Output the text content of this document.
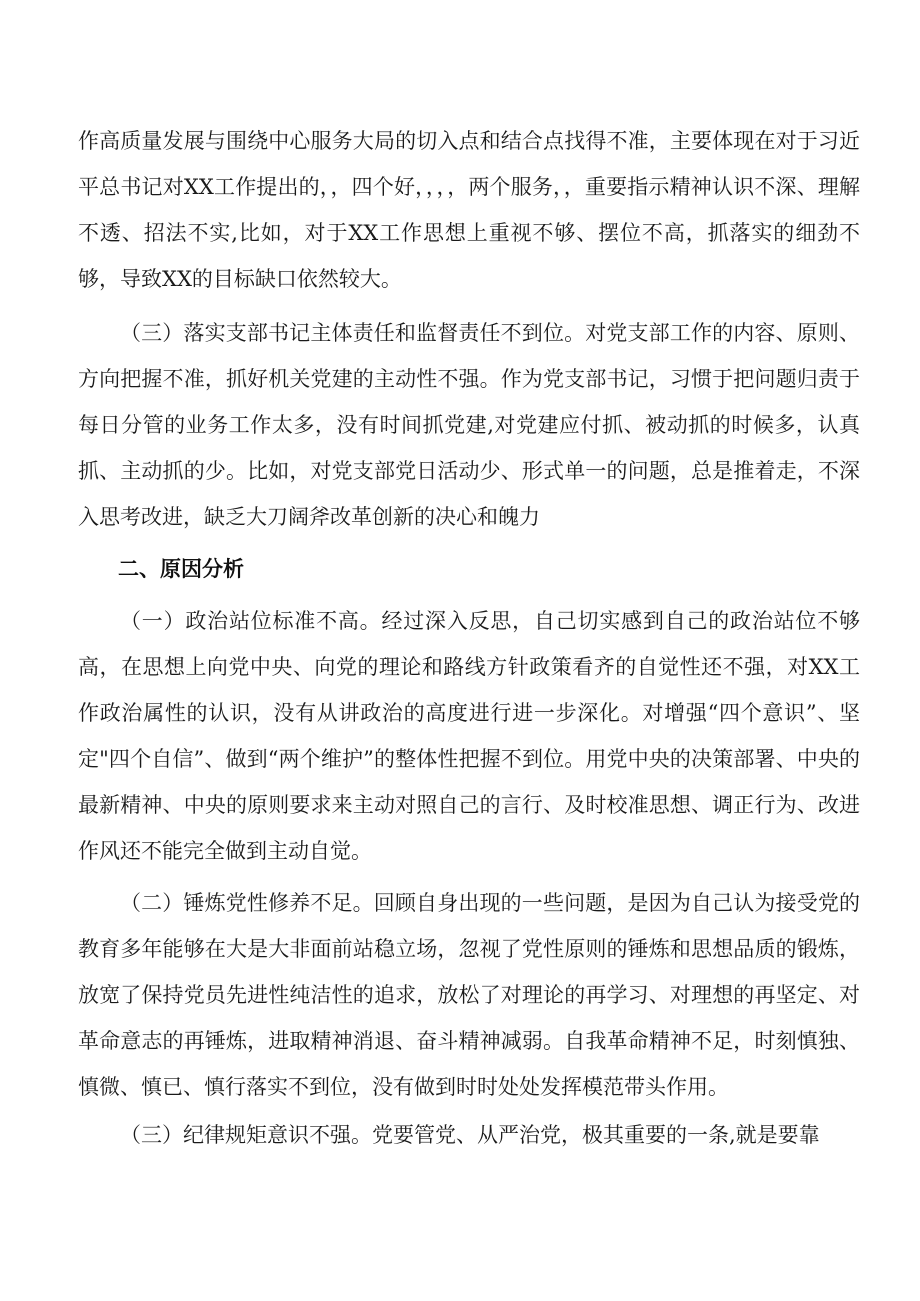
作高质量发展与围绕中心服务大局的切入点和结合点找得不准，主要体现在对于习近平总书记对XX工作提出的，，四个好，，，，两个服务，，重要指示精神认识不深、理解不透、招法不实,比如，对于XX工作思想上重视不够、摆位不高，抓落实的细劲不够，导致XX的目标缺口依然较大。

（三）落实支部书记主体责任和监督责任不到位。对党支部工作的内容、原则、方向把握不准，抓好机关党建的主动性不强。作为党支部书记，习惯于把问题归责于每日分管的业务工作太多，没有时间抓党建,对党建应付抓、被动抓的时候多，认真抓、主动抓的少。比如，对党支部党日活动少、形式单一的问题，总是推着走，不深入思考改进，缺乏大刀阔斧改革创新的决心和魄力

二、原因分析

（一）政治站位标准不高。经过深入反思，自己切实感到自己的政治站位不够高，在思想上向党中央、向党的理论和路线方针政策看齐的自觉性还不强，对XX工作政治属性的认识，没有从讲政治的高度进行进一步深化。对增强“四个意识”、坚定"四个自信”、做到“两个维护”的整体性把握不到位。用党中央的决策部署、中央的最新精神、中央的原则要求来主动对照自己的言行、及时校准思想、调正行为、改进作风还不能完全做到主动自觉。

（二）锤炼党性修养不足。回顾自身出现的一些问题，是因为自己认为接受党的教育多年能够在大是大非面前站稳立场，忽视了党性原则的锤炼和思想品质的锻炼，放宽了保持党员先进性纯洁性的追求，放松了对理论的再学习、对理想的再坚定、对革命意志的再锤炼，进取精神消退、奋斗精神减弱。自我革命精神不足，时刻慎独、慎微、慎已、慎行落实不到位，没有做到时时处处发挥模范带头作用。

（三）纪律规矩意识不强。党要管党、从严治党，极其重要的一条,就是要靠
